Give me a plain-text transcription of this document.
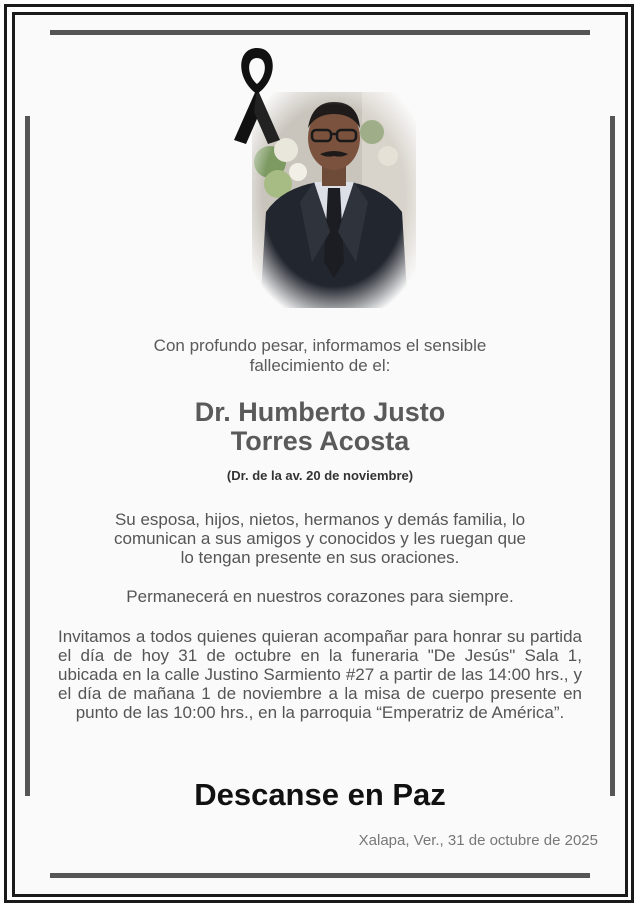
Con profundo pesar, informamos el sensible
fallecimiento de el:
Dr. Humberto Justo
Torres Acosta
(Dr. de la av. 20 de noviembre)
Su esposa, hijos, nietos, hermanos y demás familia, lo
comunican a sus amigos y conocidos y les ruegan que
lo tengan presente en sus oraciones.
Permanecerá en nuestros corazones para siempre.
Invitamos a todos quienes quieran acompañar para honrar su partida el día de hoy 31 de octubre en la funeraria "De Jesús" Sala 1, ubicada en la calle Justino Sarmiento #27 a partir de las 14:00 hrs., y el día de mañana 1 de noviembre a la misa de cuerpo presente en punto de las 10:00 hrs., en la parroquia “Emperatriz de América”.
Descanse en Paz
Xalapa, Ver., 31 de octubre de 2025
